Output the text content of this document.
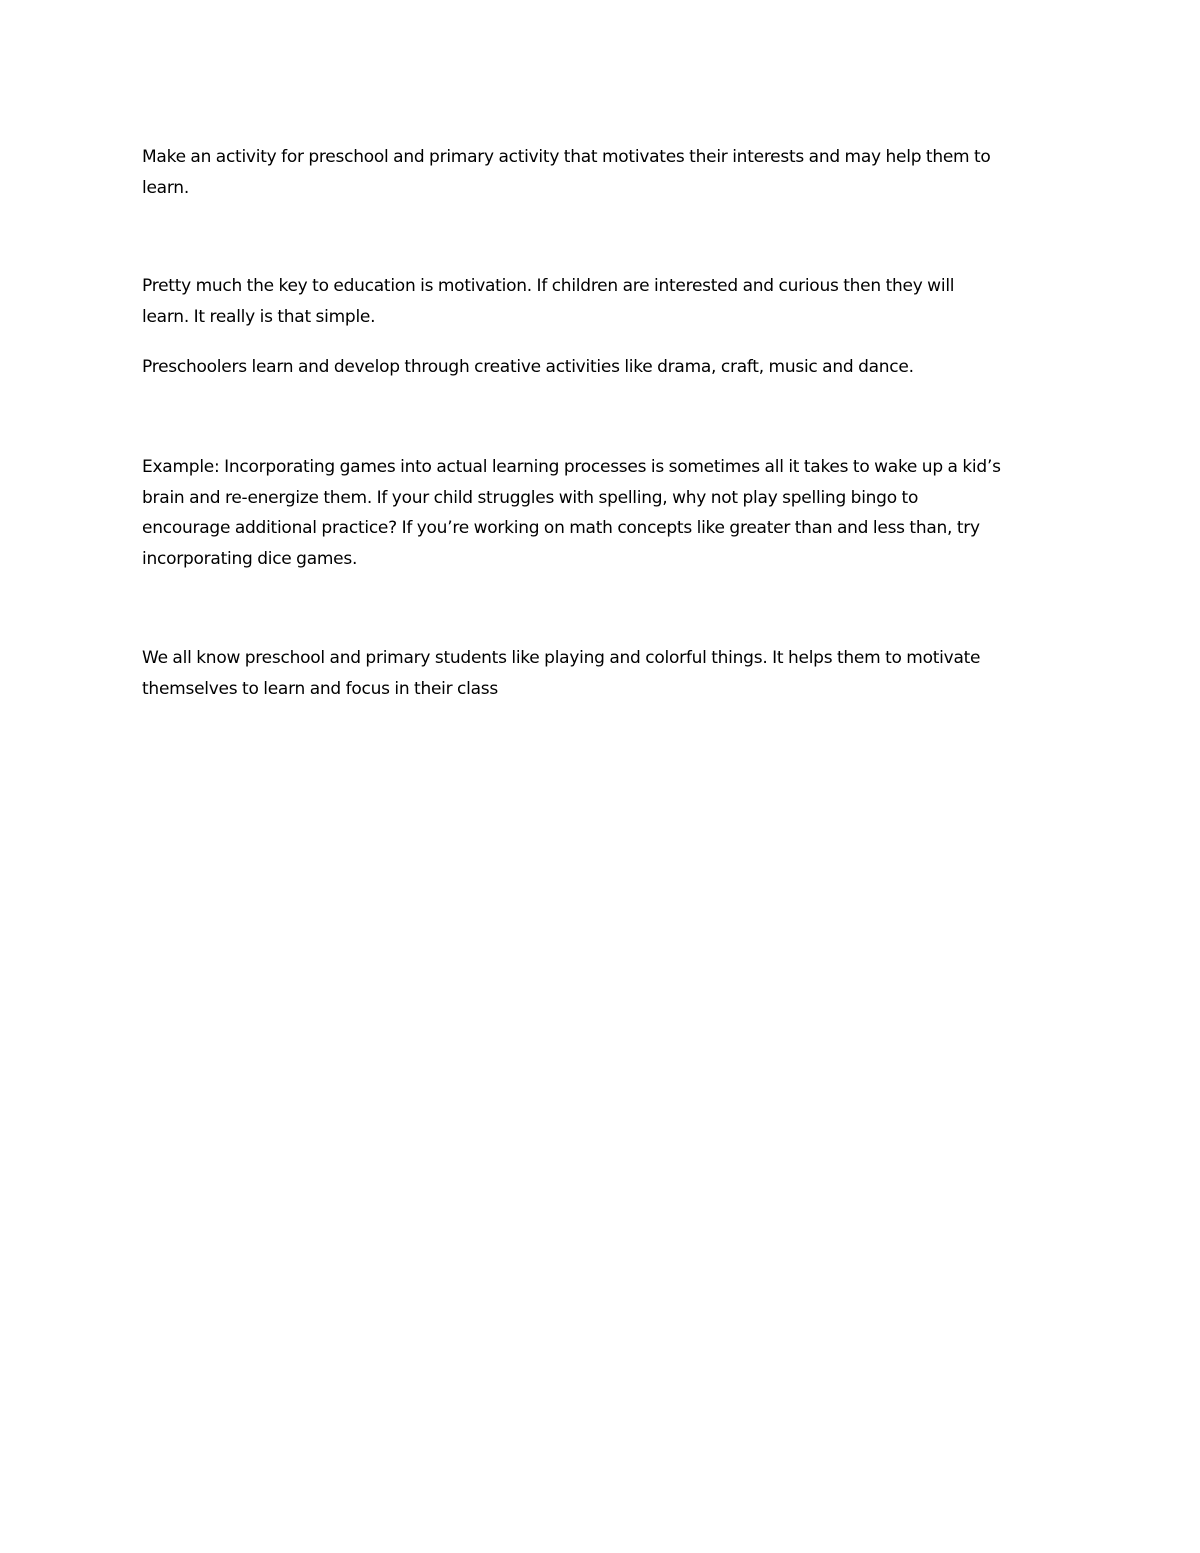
Make an activity for preschool and primary activity that motivates their interests and may help them to
learn.

Pretty much the key to education is motivation. If children are interested and curious then they will
learn. It really is that simple.

Preschoolers learn and develop through creative activities like drama, craft, music and dance.

Example: Incorporating games into actual learning processes is sometimes all it takes to wake up a kid’s
brain and re-energize them. If your child struggles with spelling, why not play spelling bingo to
encourage additional practice? If you’re working on math concepts like greater than and less than, try
incorporating dice games.

We all know preschool and primary students like playing and colorful things. It helps them to motivate
themselves to learn and focus in their class
